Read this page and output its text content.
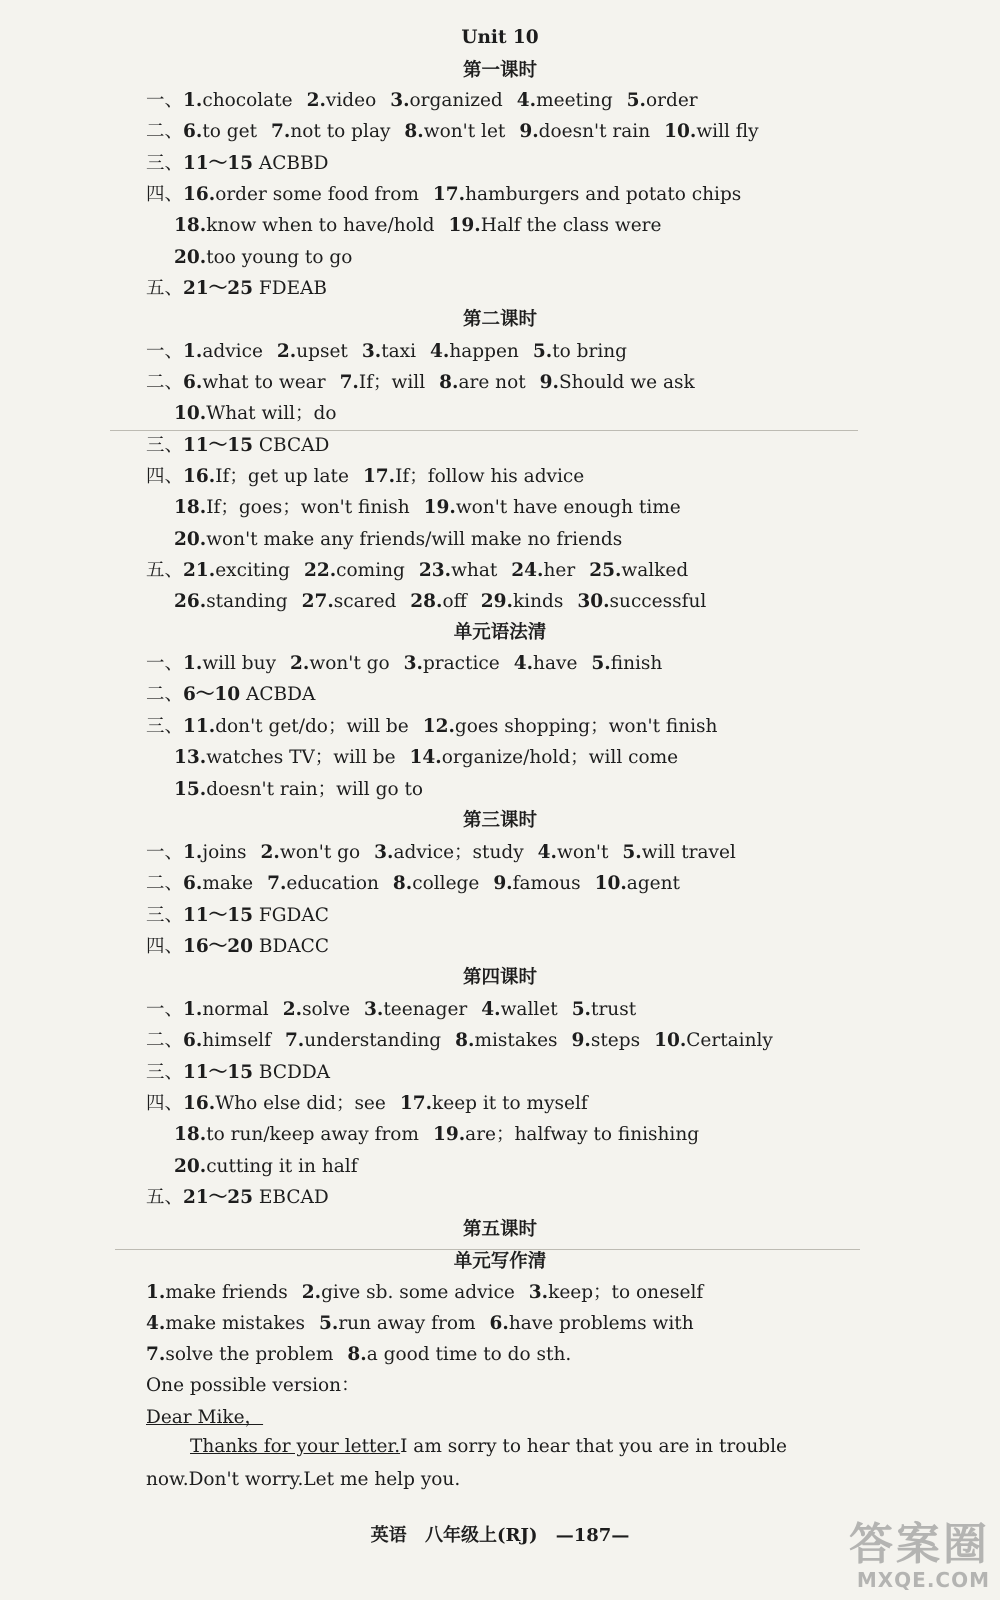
Unit 10
第一课时
第二课时
单元语法清
第三课时
第四课时
第五课时
单元写作清
一、1.chocolate 2.video 3.organized 4.meeting 5.order
二、6.to get 7.not to play 8.won't let 9.doesn't rain 10.will fly
三、11～15 ACBBD
四、16.order some food from 17.hamburgers and potato chips
18.know when to have/hold 19.Half the class were
20.too young to go
五、21～25 FDEAB
一、1.advice 2.upset 3.taxi 4.happen 5.to bring
二、6.what to wear 7.If；will 8.are not 9.Should we ask
10.What will；do
三、11～15 CBCAD
四、16.If；get up late 17.If；follow his advice
18.If；goes；won't finish 19.won't have enough time
20.won't make any friends/will make no friends
五、21.exciting 22.coming 23.what 24.her 25.walked
26.standing 27.scared 28.off 29.kinds 30.successful
一、1.will buy 2.won't go 3.practice 4.have 5.finish
二、6～10 ACBDA
三、11.don't get/do；will be 12.goes shopping；won't finish
13.watches TV；will be 14.organize/hold；will come
15.doesn't rain；will go to
一、1.joins 2.won't go 3.advice；study 4.won't 5.will travel
二、6.make 7.education 8.college 9.famous 10.agent
三、11～15 FGDAC
四、16～20 BDACC
一、1.normal 2.solve 3.teenager 4.wallet 5.trust
二、6.himself 7.understanding 8.mistakes 9.steps 10.Certainly
三、11～15 BCDDA
四、16.Who else did；see 17.keep it to myself
18.to run/keep away from 19.are；halfway to finishing
20.cutting it in half
五、21～25 EBCAD
1.make friends 2.give sb. some advice 3.keep；to oneself
4.make mistakes 5.run away from 6.have problems with
7.solve the problem 8.a good time to do sth.
One possible version：
Dear Mike，
Thanks for your letter.I am sorry to hear that you are in trouble
now.Don't worry.Let me help you.
英语 八年级上(RJ) —187—	答案圈
MXQE.COM
